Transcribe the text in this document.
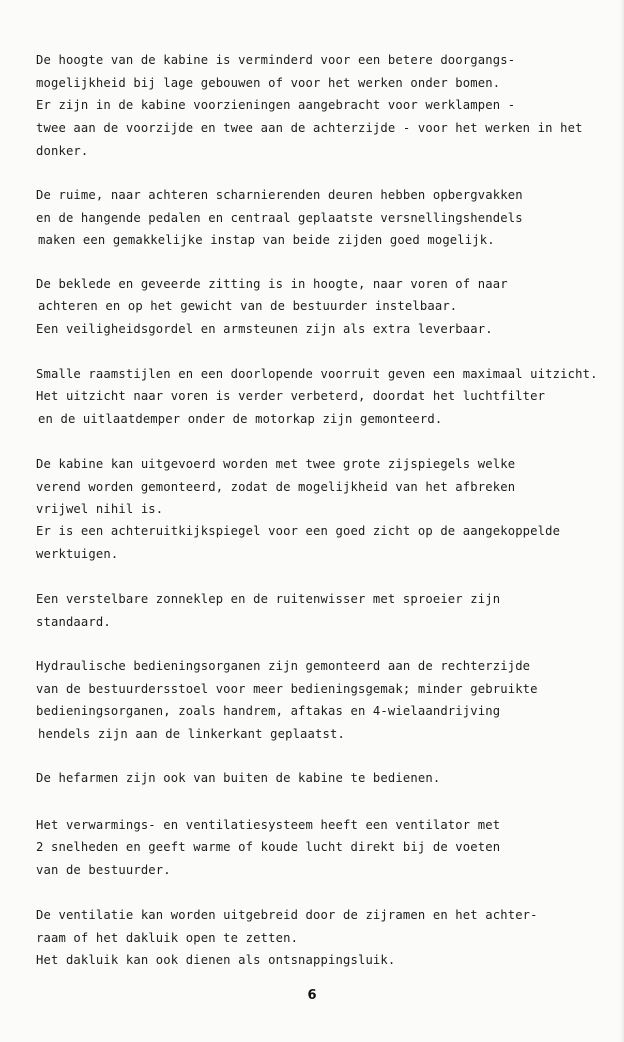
De hoogte van de kabine is verminderd voor een betere doorgangs-
mogelijkheid bij lage gebouwen of voor het werken onder bomen.
Er zijn in de kabine voorzieningen aangebracht voor werklampen -
twee aan de voorzijde en twee aan de achterzijde - voor het werken in het
donker.
De ruime, naar achteren scharnierenden deuren hebben opbergvakken
en de hangende pedalen en centraal geplaatste versnellingshendels
maken een gemakkelijke instap van beide zijden goed mogelijk.
De beklede en geveerde zitting is in hoogte, naar voren of naar
achteren en op het gewicht van de bestuurder instelbaar.
Een veiligheidsgordel en armsteunen zijn als extra leverbaar.
Smalle raamstijlen en een doorlopende voorruit geven een maximaal uitzicht.
Het uitzicht naar voren is verder verbeterd, doordat het luchtfilter
en de uitlaatdemper onder de motorkap zijn gemonteerd.
De kabine kan uitgevoerd worden met twee grote zijspiegels welke
verend worden gemonteerd, zodat de mogelijkheid van het afbreken
vrijwel nihil is.
Er is een achteruitkijkspiegel voor een goed zicht op de aangekoppelde
werktuigen.
Een verstelbare zonneklep en de ruitenwisser met sproeier zijn
standaard.
Hydraulische bedieningsorganen zijn gemonteerd aan de rechterzijde
van de bestuurdersstoel voor meer bedieningsgemak; minder gebruikte
bedieningsorganen, zoals handrem, aftakas en 4-wielaandrijving
hendels zijn aan de linkerkant geplaatst.
De hefarmen zijn ook van buiten de kabine te bedienen.
Het verwarmings- en ventilatiesysteem heeft een ventilator met
2 snelheden en geeft warme of koude lucht direkt bij de voeten
van de bestuurder.
De ventilatie kan worden uitgebreid door de zijramen en het achter-
raam of het dakluik open te zetten.
Het dakluik kan ook dienen als ontsnappingsluik.
6
